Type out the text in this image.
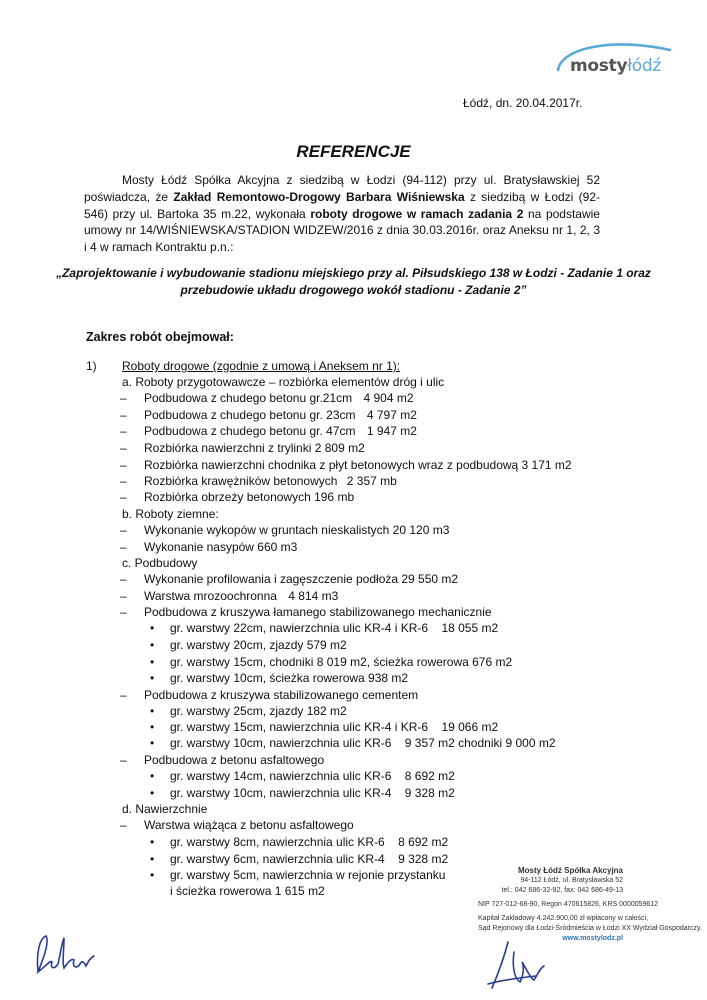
mostyłódź
Łódź, dn. 20.04.2017r.
REFERENCJE
Mosty Łódź Spółka Akcyjna z siedzibą w Łodzi (94-112) przy ul. Bratysławskiej 52 poświadcza, że Zakład Remontowo-Drogowy Barbara Wiśniewska z siedzibą w Łodzi (92-546) przy ul. Bartoka 35 m.22, wykonała roboty drogowe w ramach zadania 2 na podstawie umowy nr 14/WIŚNIEWSKA/STADION WIDZEW/2016 z dnia 30.03.2016r. oraz Aneksu nr 1, 2, 3 i 4 w ramach Kontraktu p.n.:
„Zaprojektowanie i wybudowanie stadionu miejskiego przy al. Piłsudskiego 138 w Łodzi - Zadanie 1 oraz przebudowie układu drogowego wokół stadionu - Zadanie 2”
Zakres robót obejmował:
1) Roboty drogowe (zgodnie z umową i Aneksem nr 1):
a. Roboty przygotowawcze – rozbiórka elementów dróg i ulic
– Podbudowa z chudego betonu gr.21cm 4 904 m2
– Podbudowa z chudego betonu gr. 23cm 4 797 m2
– Podbudowa z chudego betonu gr. 47cm 1 947 m2
– Rozbiórka nawierzchni z trylinki 2 809 m2
– Rozbiórka nawierzchni chodnika z płyt betonowych wraz z podbudową 3 171 m2
– Rozbiórka krawężników betonowych 2 357 mb
– Rozbiórka obrzeży betonowych 196 mb
b. Roboty ziemne:
– Wykonanie wykopów w gruntach nieskalistych 20 120 m3
– Wykonanie nasypów 660 m3
c. Podbudowy
– Wykonanie profilowania i zagęszczenie podłoża 29 550 m2
– Warstwa mrozoochronna 4 814 m3
– Podbudowa z kruszywa łamanego stabilizowanego mechanicznie
• gr. warstwy 22cm, nawierzchnia ulic KR-4 i KR-6 18 055 m2
• gr. warstwy 20cm, zjazdy 579 m2
• gr. warstwy 15cm, chodniki 8 019 m2, ścieżka rowerowa 676 m2
• gr. warstwy 10cm, ścieżka rowerowa 938 m2
– Podbudowa z kruszywa stabilizowanego cementem
• gr. warstwy 25cm, zjazdy 182 m2
• gr. warstwy 15cm, nawierzchnia ulic KR-4 i KR-6 19 066 m2
• gr. warstwy 10cm, nawierzchnia ulic KR-6 9 357 m2 chodniki 9 000 m2
– Podbudowa z betonu asfaltowego
• gr. warstwy 14cm, nawierzchnia ulic KR-6 8 692 m2
• gr. warstwy 10cm, nawierzchnia ulic KR-4 9 328 m2
d. Nawierzchnie
– Warstwa wiążąca z betonu asfaltowego
• gr. warstwy 8cm, nawierzchnia ulic KR-6 8 692 m2
• gr. warstwy 6cm, nawierzchnia ulic KR-4 9 328 m2
• gr. warstwy 5cm, nawierzchnia w rejonie przystanku
i ścieżka rowerowa 1 615 m2
Mosty Łódź Spółka Akcyjna
94-112 Łódź, ul. Bratysławska 52
tel.: 042 686-32-92, fax: 042 686-49-13
NIP 727-012-68-90, Regon 470615826, KRS 0000059612
Kapitał Zakładowy 4.242.900,00 zł wpłacony w całości,
Sąd Rejonowy dla Łodzi-Śródmieścia w Łodzi XX Wydział Gospodarczy.
www.mostylodz.pl
